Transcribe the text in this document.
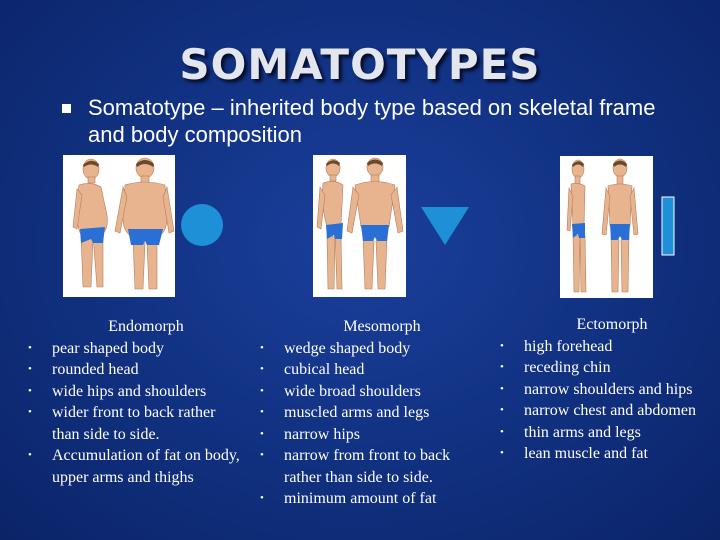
SOMATOTYPES
Somatotype – inherited body type based on skeletal frame and body composition
Endomorph
• pear shaped body
• rounded head
• wide hips and shoulders
• wider front to back rather than side to side.
• Accumulation of fat on body, upper arms and thighs
Mesomorph
• wedge shaped body
• cubical head
• wide broad shoulders
• muscled arms and legs
• narrow hips
• narrow from front to back rather than side to side.
• minimum amount of fat
Ectomorph
• high forehead
• receding chin
• narrow shoulders and hips
• narrow chest and abdomen
• thin arms and legs
• lean muscle and fat
